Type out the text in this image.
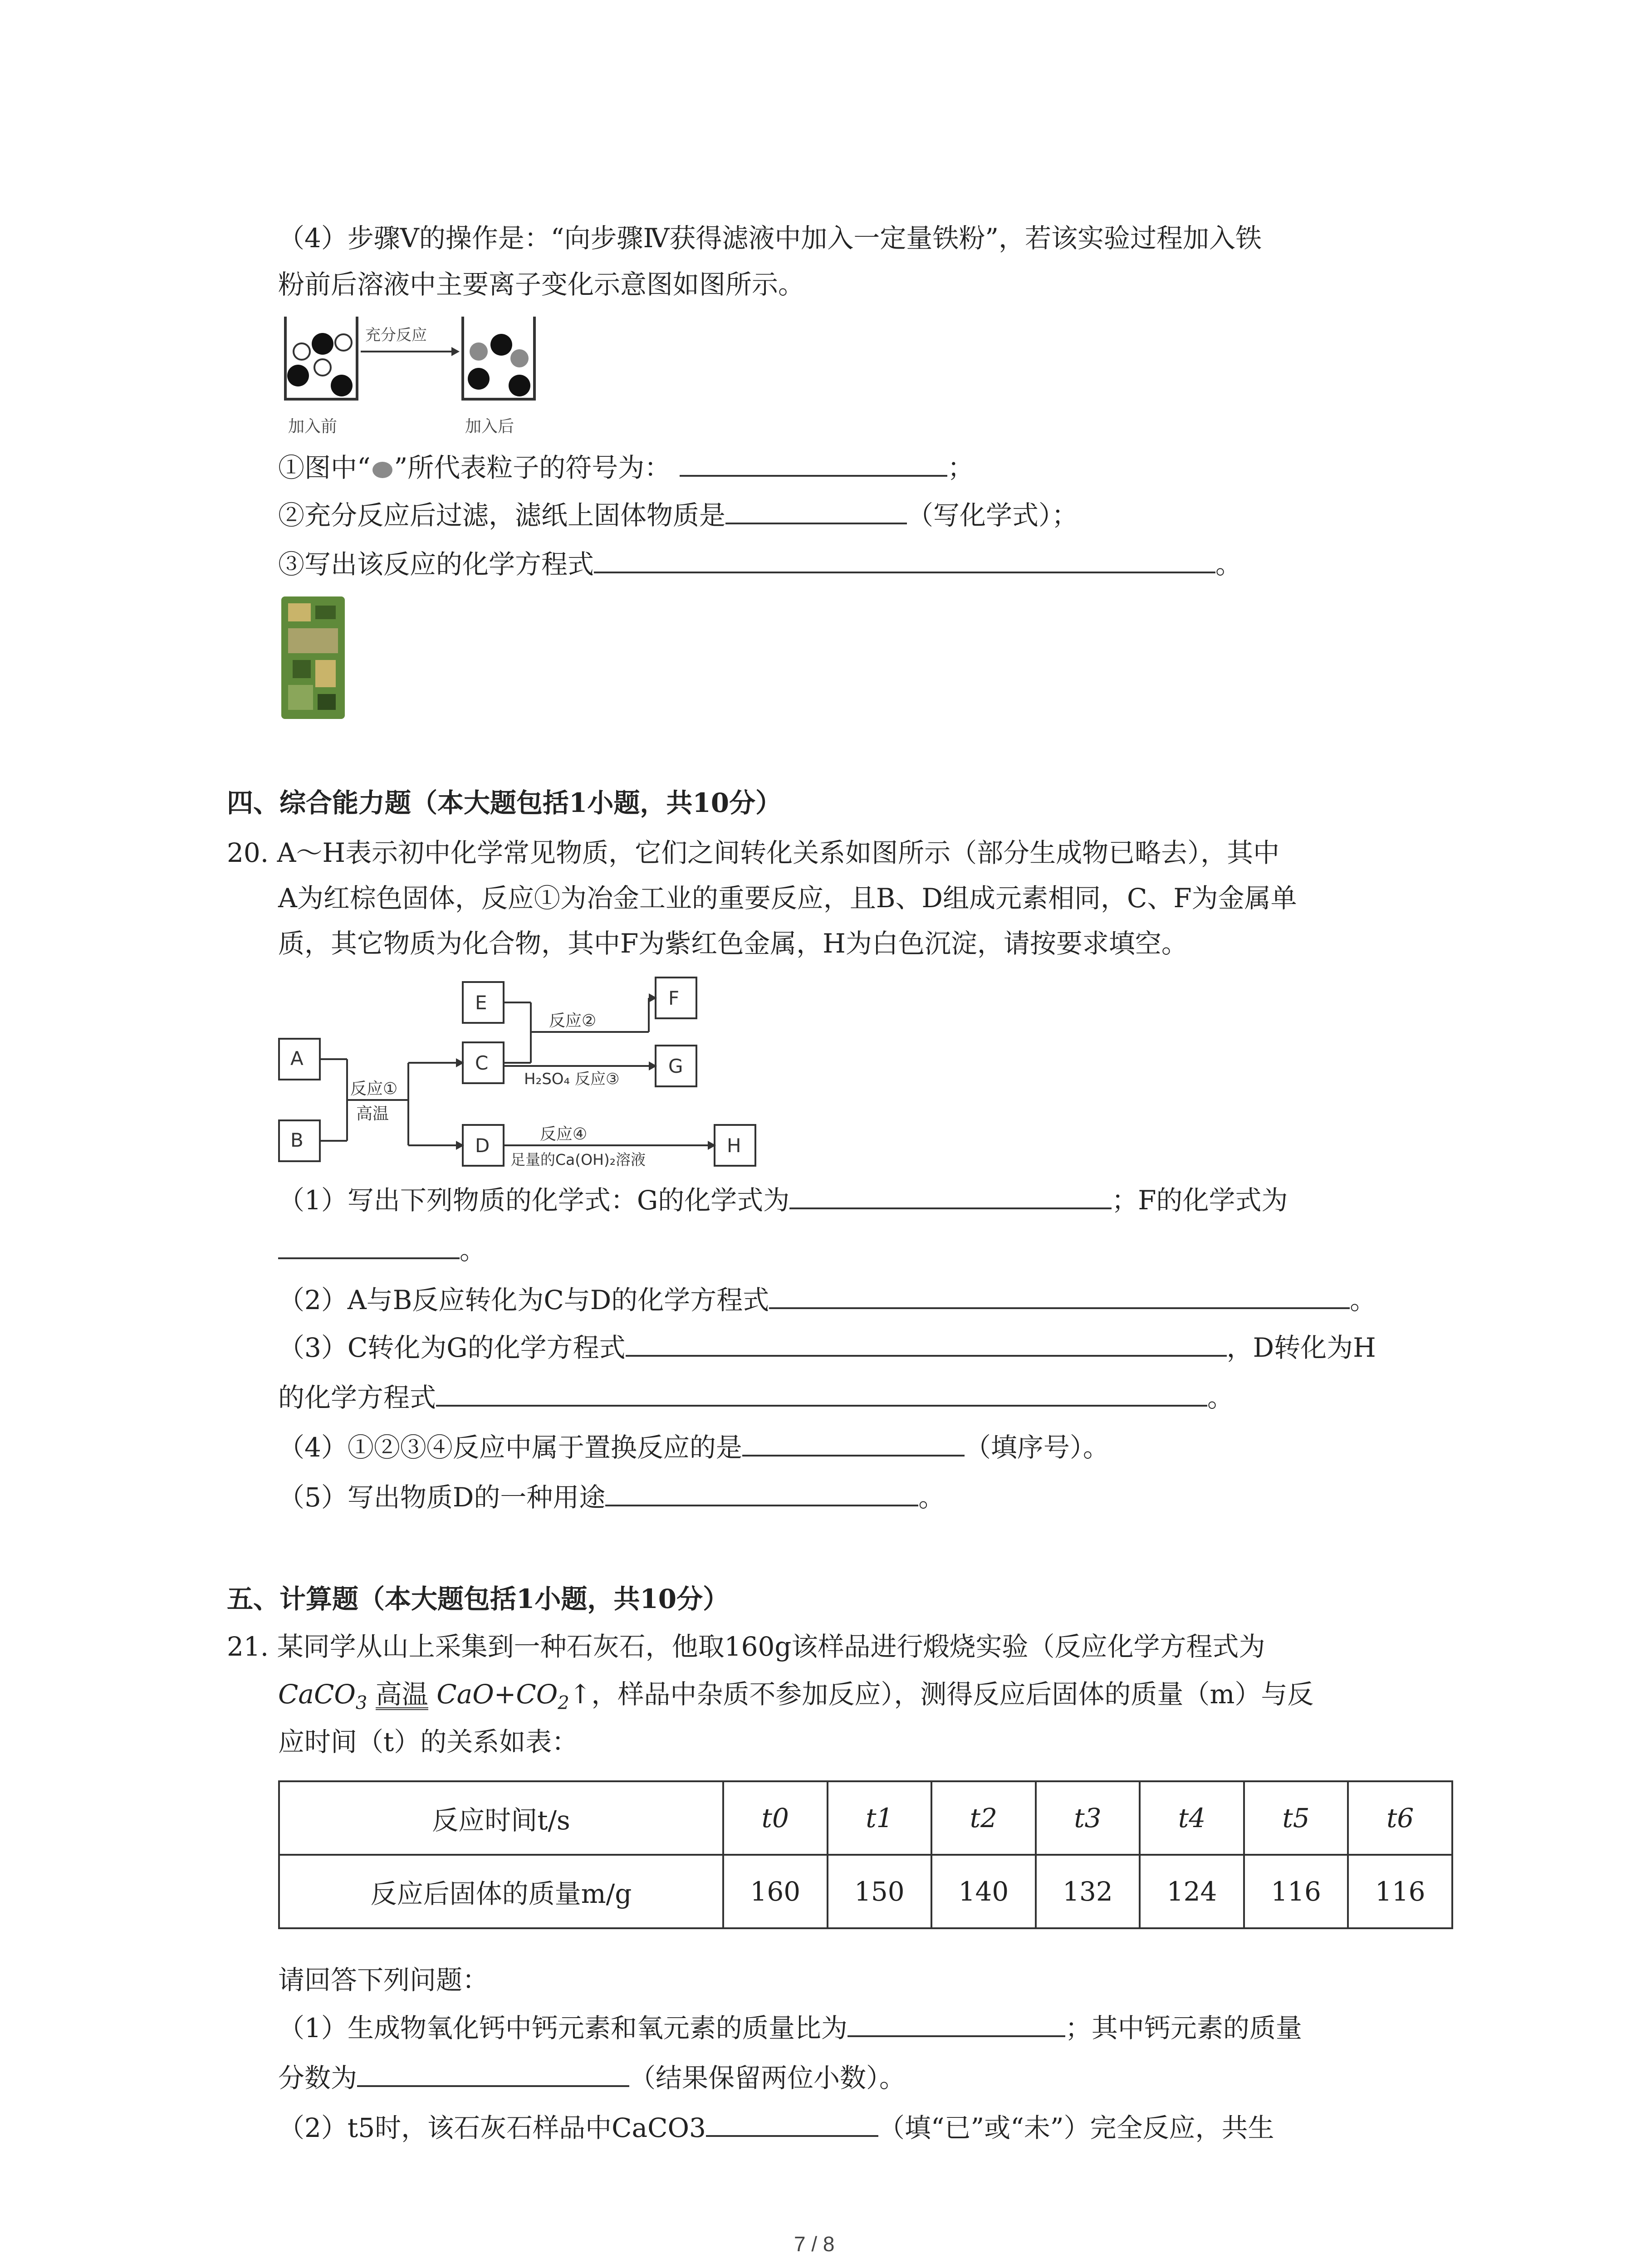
（4）步骤V的操作是：“向步骤Ⅳ获得滤液中加入一定量铁粉”，若该实验过程加入铁
粉前后溶液中主要离子变化示意图如图所示。
加入前
充分反应
加入后
①图中“ ”所代表粒子的符号为：	；
②充分反应后过滤，滤纸上固体物质是	（写化学式）；
③写出该反应的化学方程式	。
四、综合能力题（本大题包括1小题，共10分）
20. A～H表示初中化学常见物质，它们之间转化关系如图所示（部分生成物已略去），其中
A为红棕色固体，反应①为冶金工业的重要反应，且B、D组成元素相同，C、F为金属单
质，其它物质为化合物，其中F为紫红色金属，H为白色沉淀，请按要求填空。
A
B
E
C
D
F
G
H
反应①
高温
反应②
H₂SO₄ 反应③
反应④
足量的Ca(OH)₂溶液
（1）写出下列物质的化学式：G的化学式为	；F的化学式为
。
（2）A与B反应转化为C与D的化学方程式	。
（3）C转化为G的化学方程式	，D转化为H
的化学方程式	。
（4）①②③④反应中属于置换反应的是	（填序号）。
（5）写出物质D的一种用途	。
五、计算题（本大题包括1小题，共10分）
21. 某同学从山上采集到一种石灰石，他取160g该样品进行煅烧实验（反应化学方程式为
CaCO$_3$ 高温 $CaO+CO_2↑$，样品中杂质不参加反应），测得反应后固体的质量（m）与反
应时间（t）的关系如表：
反应时间t/s	t0	t1	t2	t3	t4	t5	t6
反应后固体的质量m/g	160	150	140	132	124	116	116
请回答下列问题：
（1）生成物氧化钙中钙元素和氧元素的质量比为	；其中钙元素的质量
分数为	（结果保留两位小数）。
（2）t5时，该石灰石样品中CaCO3	（填“已”或“未”）完全反应，共生
7 / 8
